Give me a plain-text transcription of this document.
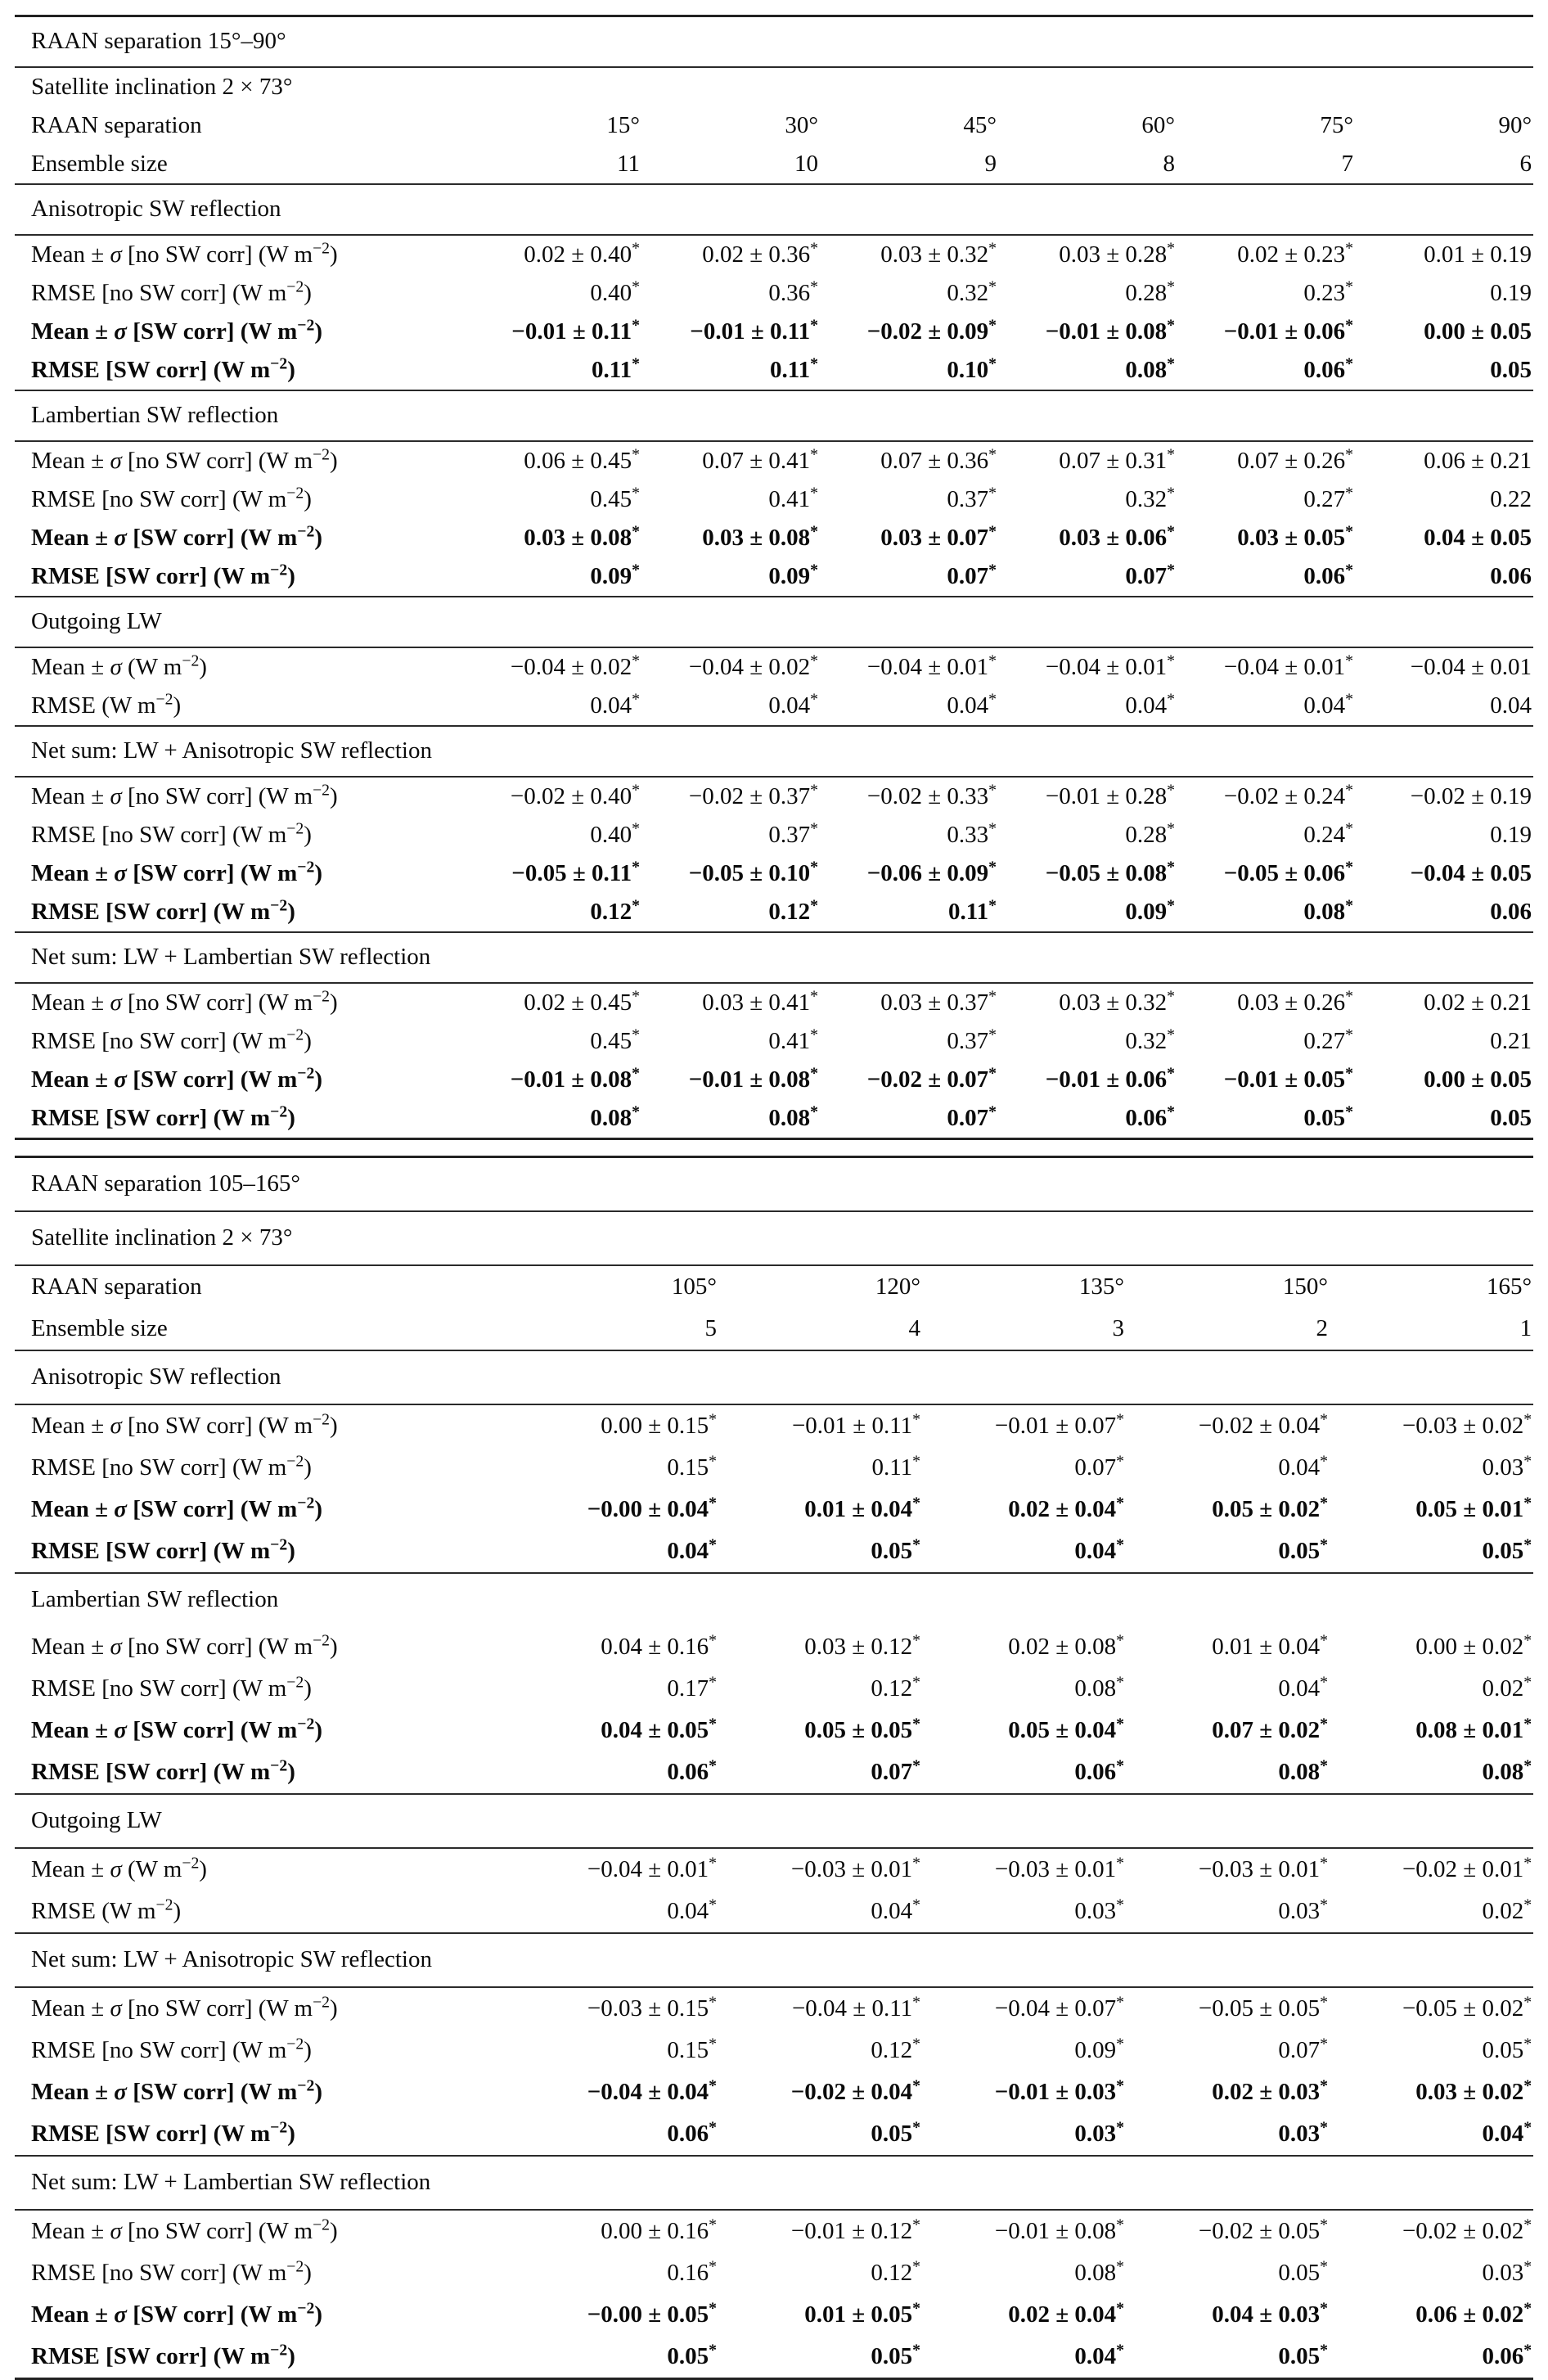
RAAN separation 15°–90°						
Satellite inclination 2 × 73°						
RAAN separation	15°	30°	45°	60°	75°	90°
Ensemble size	11	10	9	8	7	6
Anisotropic SW reflection						
Mean ± σ [no SW corr] (W $m^{-2}$)	0.02 ± 0.40*	0.02 ± 0.36*	0.03 ± 0.32*	0.03 ± 0.28*	0.02 ± 0.23*	0.01 ± 0.19
RMSE [no SW corr] (W $m^{-2}$)	0.40*	0.36*	0.32*	0.28*	0.23*	0.19
Mean ± σ [SW corr] (W $m^{-2}$)	−0.01 ± 0.11*	−0.01 ± 0.11*	−0.02 ± 0.09*	−0.01 ± 0.08*	−0.01 ± 0.06*	0.00 ± 0.05
RMSE [SW corr] (W $m^{-2}$)	0.11*	0.11*	0.10*	0.08*	0.06*	0.05
Lambertian SW reflection						
Mean ± σ [no SW corr] (W $m^{-2}$)	0.06 ± 0.45*	0.07 ± 0.41*	0.07 ± 0.36*	0.07 ± 0.31*	0.07 ± 0.26*	0.06 ± 0.21
RMSE [no SW corr] (W $m^{-2}$)	0.45*	0.41*	0.37*	0.32*	0.27*	0.22
Mean ± σ [SW corr] (W $m^{-2}$)	0.03 ± 0.08*	0.03 ± 0.08*	0.03 ± 0.07*	0.03 ± 0.06*	0.03 ± 0.05*	0.04 ± 0.05
RMSE [SW corr] (W $m^{-2}$)	0.09*	0.09*	0.07*	0.07*	0.06*	0.06
Outgoing LW						
Mean ± σ (W $m^{-2}$)	−0.04 ± 0.02*	−0.04 ± 0.02*	−0.04 ± 0.01*	−0.04 ± 0.01*	−0.04 ± 0.01*	−0.04 ± 0.01
RMSE (W $m^{-2}$)	0.04*	0.04*	0.04*	0.04*	0.04*	0.04
Net sum: LW + Anisotropic SW reflection						
Mean ± σ [no SW corr] (W $m^{-2}$)	−0.02 ± 0.40*	−0.02 ± 0.37*	−0.02 ± 0.33*	−0.01 ± 0.28*	−0.02 ± 0.24*	−0.02 ± 0.19
RMSE [no SW corr] (W $m^{-2}$)	0.40*	0.37*	0.33*	0.28*	0.24*	0.19
Mean ± σ [SW corr] (W $m^{-2}$)	−0.05 ± 0.11*	−0.05 ± 0.10*	−0.06 ± 0.09*	−0.05 ± 0.08*	−0.05 ± 0.06*	−0.04 ± 0.05
RMSE [SW corr] (W $m^{-2}$)	0.12*	0.12*	0.11*	0.09*	0.08*	0.06
Net sum: LW + Lambertian SW reflection						
Mean ± σ [no SW corr] (W $m^{-2}$)	0.02 ± 0.45*	0.03 ± 0.41*	0.03 ± 0.37*	0.03 ± 0.32*	0.03 ± 0.26*	0.02 ± 0.21
RMSE [no SW corr] (W $m^{-2}$)	0.45*	0.41*	0.37*	0.32*	0.27*	0.21
Mean ± σ [SW corr] (W $m^{-2}$)	−0.01 ± 0.08*	−0.01 ± 0.08*	−0.02 ± 0.07*	−0.01 ± 0.06*	−0.01 ± 0.05*	0.00 ± 0.05
RMSE [SW corr] (W $m^{-2}$)	0.08*	0.08*	0.07*	0.06*	0.05*	0.05
RAAN separation 105–165°					
Satellite inclination 2 × 73°					
RAAN separation	105°	120°	135°	150°	165°
Ensemble size	5	4	3	2	1
Anisotropic SW reflection					
Mean ± σ [no SW corr] (W $m^{-2}$)	0.00 ± 0.15*	−0.01 ± 0.11*	−0.01 ± 0.07*	−0.02 ± 0.04*	−0.03 ± 0.02*
RMSE [no SW corr] (W $m^{-2}$)	0.15*	0.11*	0.07*	0.04*	0.03*
Mean ± σ [SW corr] (W $m^{-2}$)	−0.00 ± 0.04*	0.01 ± 0.04*	0.02 ± 0.04*	0.05 ± 0.02*	0.05 ± 0.01*
RMSE [SW corr] (W $m^{-2}$)	0.04*	0.05*	0.04*	0.05*	0.05*
Lambertian SW reflection					
Mean ± σ [no SW corr] (W $m^{-2}$)	0.04 ± 0.16*	0.03 ± 0.12*	0.02 ± 0.08*	0.01 ± 0.04*	0.00 ± 0.02*
RMSE [no SW corr] (W $m^{-2}$)	0.17*	0.12*	0.08*	0.04*	0.02*
Mean ± σ [SW corr] (W $m^{-2}$)	0.04 ± 0.05*	0.05 ± 0.05*	0.05 ± 0.04*	0.07 ± 0.02*	0.08 ± 0.01*
RMSE [SW corr] (W $m^{-2}$)	0.06*	0.07*	0.06*	0.08*	0.08*
Outgoing LW					
Mean ± σ (W $m^{-2}$)	−0.04 ± 0.01*	−0.03 ± 0.01*	−0.03 ± 0.01*	−0.03 ± 0.01*	−0.02 ± 0.01*
RMSE (W $m^{-2}$)	0.04*	0.04*	0.03*	0.03*	0.02*
Net sum: LW + Anisotropic SW reflection					
Mean ± σ [no SW corr] (W $m^{-2}$)	−0.03 ± 0.15*	−0.04 ± 0.11*	−0.04 ± 0.07*	−0.05 ± 0.05*	−0.05 ± 0.02*
RMSE [no SW corr] (W $m^{-2}$)	0.15*	0.12*	0.09*	0.07*	0.05*
Mean ± σ [SW corr] (W $m^{-2}$)	−0.04 ± 0.04*	−0.02 ± 0.04*	−0.01 ± 0.03*	0.02 ± 0.03*	0.03 ± 0.02*
RMSE [SW corr] (W $m^{-2}$)	0.06*	0.05*	0.03*	0.03*	0.04*
Net sum: LW + Lambertian SW reflection					
Mean ± σ [no SW corr] (W $m^{-2}$)	0.00 ± 0.16*	−0.01 ± 0.12*	−0.01 ± 0.08*	−0.02 ± 0.05*	−0.02 ± 0.02*
RMSE [no SW corr] (W $m^{-2}$)	0.16*	0.12*	0.08*	0.05*	0.03*
Mean ± σ [SW corr] (W $m^{-2}$)	−0.00 ± 0.05*	0.01 ± 0.05*	0.02 ± 0.04*	0.04 ± 0.03*	0.06 ± 0.02*
RMSE [SW corr] (W $m^{-2}$)	0.05*	0.05*	0.04*	0.05*	0.06*
